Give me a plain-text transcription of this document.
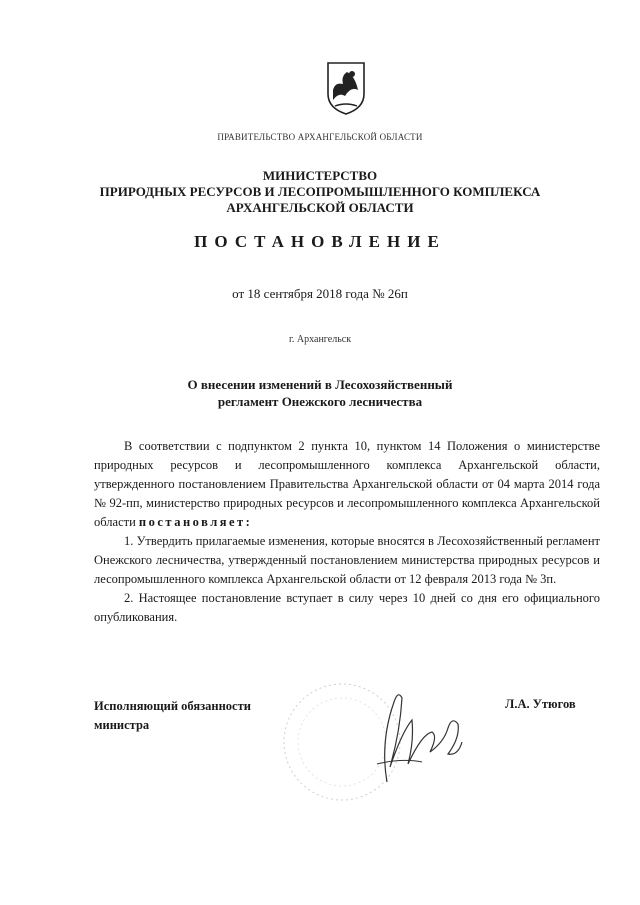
ПРАВИТЕЛЬСТВО АРХАНГЕЛЬСКОЙ ОБЛАСТИ
МИНИСТЕРСТВО
ПРИРОДНЫХ РЕСУРСОВ И ЛЕСОПРОМЫШЛЕННОГО КОМПЛЕКСА
АРХАНГЕЛЬСКОЙ ОБЛАСТИ
ПОСТАНОВЛЕНИЕ
от 18 сентября 2018 года № 26п
г. Архангельск
О внесении изменений в Лесохозяйственный
регламент Онежского лесничества

В соответствии с подпунктом 2 пункта 10, пунктом 14 Положения о министерстве природных ресурсов и лесопромышленного комплекса Архангельской области, утвержденного постановлением Правительства Архангельской области от 04 марта 2014 года № 92-пп, министерство природных ресурсов и лесопромышленного комплекса Архангельской области постановляет:

1. Утвердить прилагаемые изменения, которые вносятся в Лесохозяйственный регламент Онежского лесничества, утвержденный постановлением министерства природных ресурсов и лесопромышленного комплекса Архангельской области от 12 февраля 2013 года № 3п.

2. Настоящее постановление вступает в силу через 10 дней со дня его официального опубликования.

Исполняющий обязанности
министра
Л.А. Утюгов
